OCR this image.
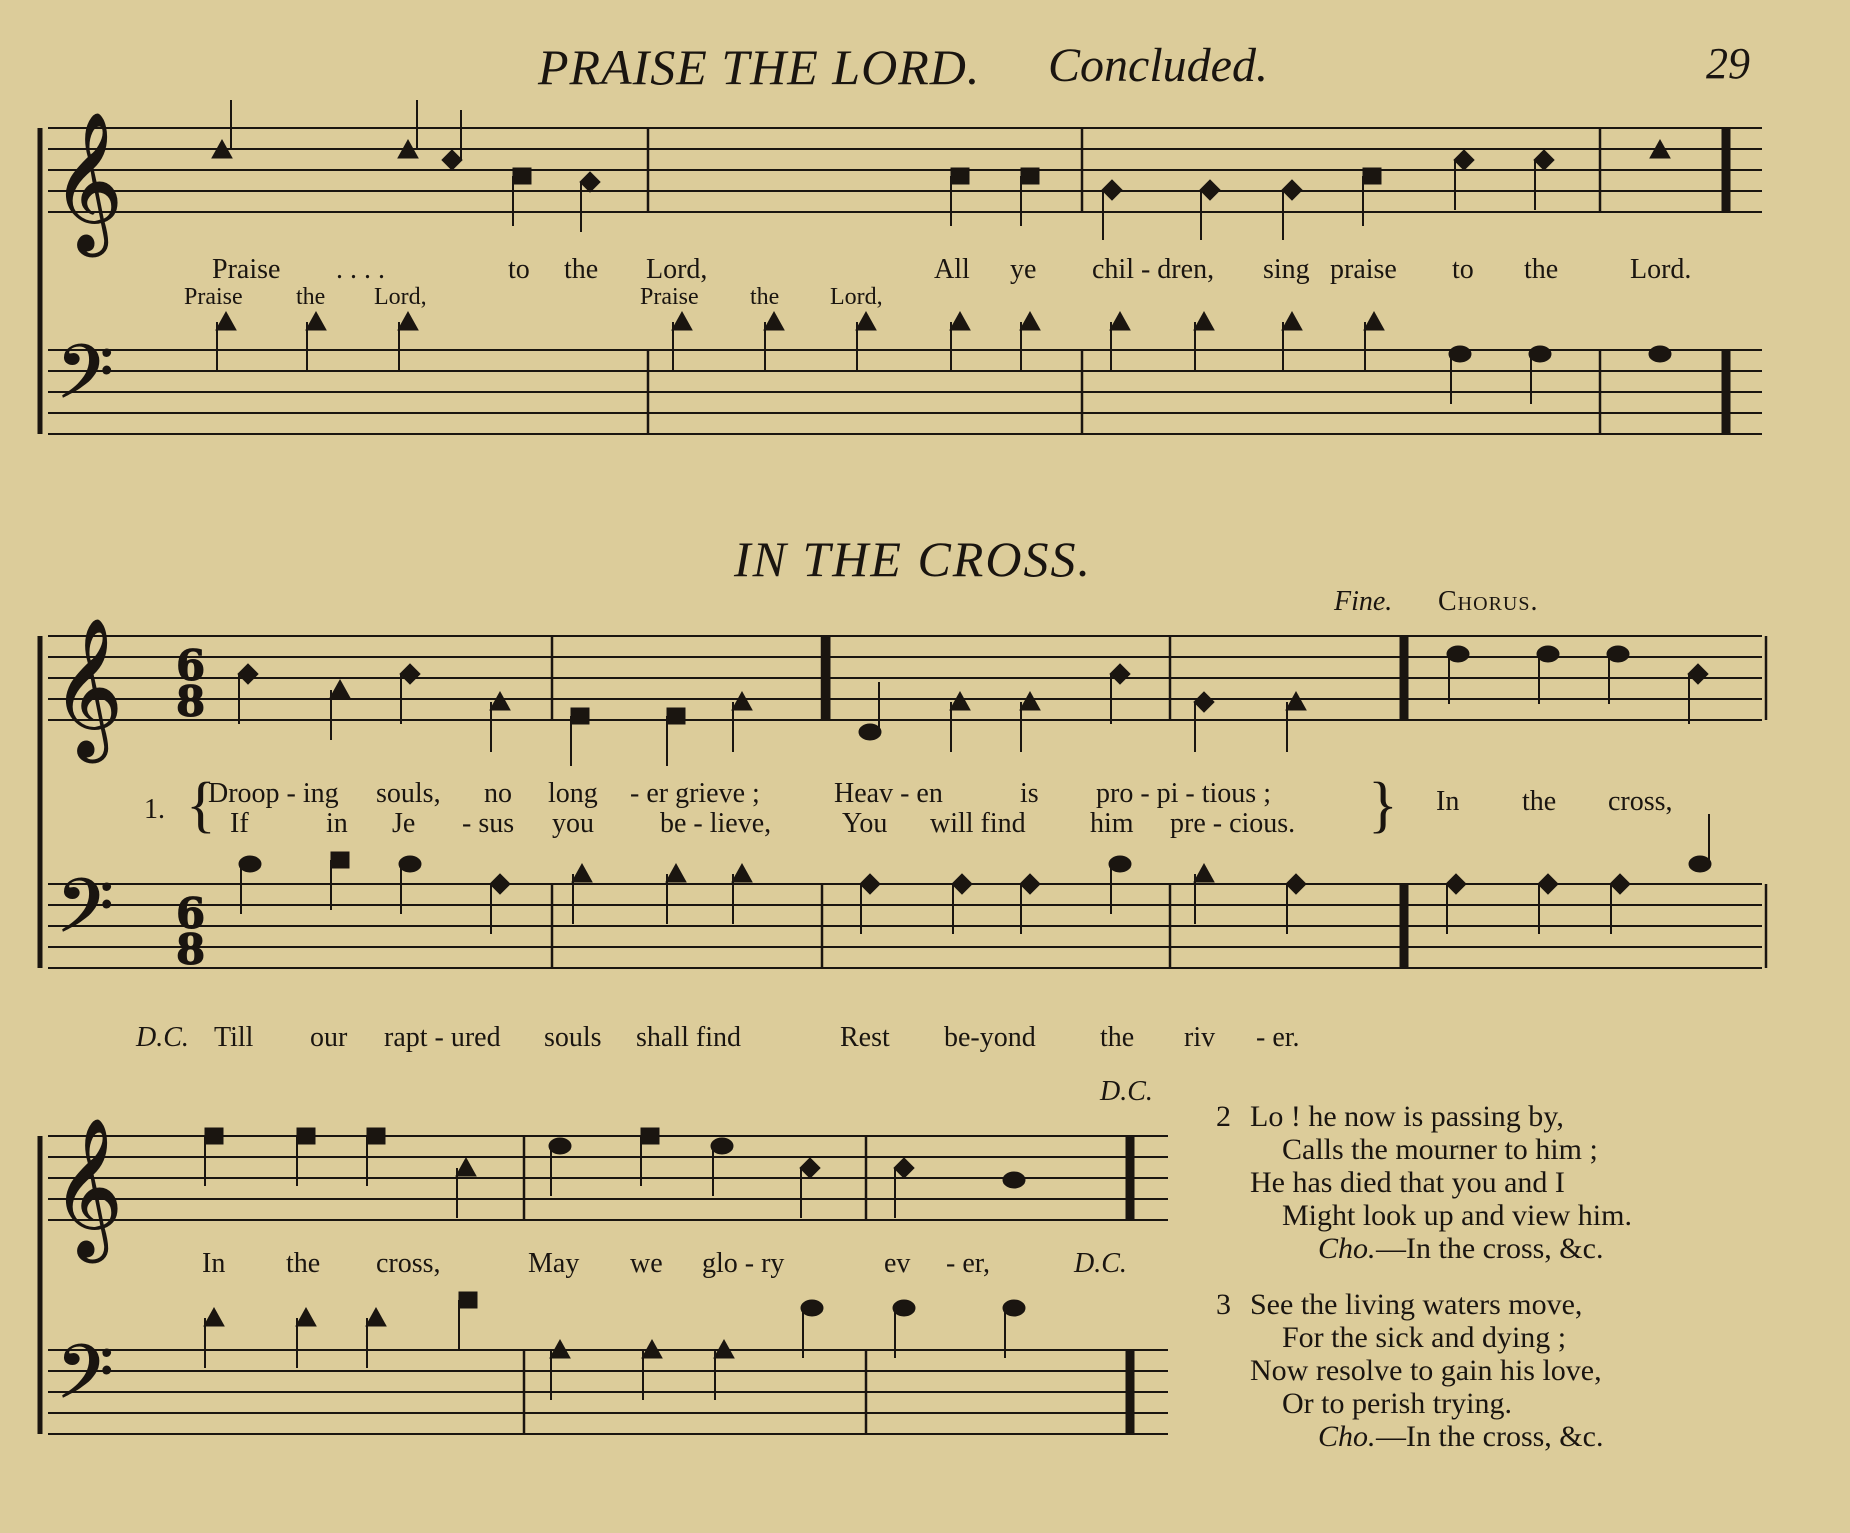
PRAISE THE LORD. Concluded.	29
𝄞
𝄢
𝄞
𝄢
6
8
6
8
𝄞
𝄢
Praise . . . .	to the Lord,	All ye chil - dren, sing praise to the	Lord.
Praise the Lord,	Praise the Lord,
IN THE CROSS.
Fine. Chorus.
1. {
Droop - ing souls, no long - er grieve ;	Heav - en	is pro - pi - tious ;
If	in Je - sus you be - lieve,	You will find him pre - cious. } In the cross,
D.C. Till our rapt - ured souls shall find	Rest be-yond the riv - er.
D.C.
In the cross,	May we glo - ry	ev - er,	D.C.
2 Lo ! he now is passing by,
Calls the mourner to him ;
He has died that you and I
Might look up and view him.
Cho. —In the cross, &c.
3 See the living waters move,
For the sick and dying ;
Now resolve to gain his love,
Or to perish trying.
Cho. —In the cross, &c.
